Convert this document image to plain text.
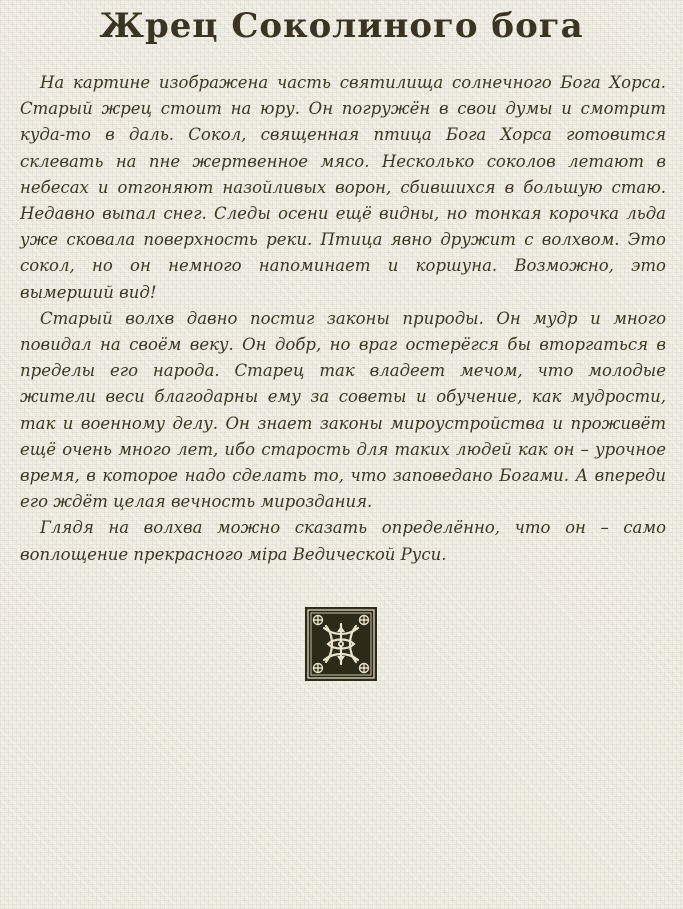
Жрец Соколиного бога

На картине изображена часть святилища солнечного Бога Хорса. Старый жрец стоит на юру. Он погружён в свои думы и смотрит куда-то в даль. Сокол, священная птица Бога Хорса готовится склевать на пне жертвенное мясо. Несколько соколов летают в небесах и отгоняют назойливых ворон, сбившихся в большую стаю. Недавно выпал снег. Следы осени ещё видны, но тонкая корочка льда уже сковала поверхность реки. Птица явно дружит с волхвом. Это сокол, но он немного напоминает и коршуна. Возможно, это вымерший вид!

Старый волхв давно постиг законы природы. Он мудр и много повидал на своём веку. Он добр, но враг остерёгся бы вторгаться в пределы его народа. Старец так владеет мечом, что молодые жители веси благодарны ему за советы и обучение, как мудрости, так и военному делу. Он знает законы мироустройства и проживёт ещё очень много лет, ибо старость для таких людей как он – урочное время, в которое надо сделать то, что заповедано Богами. А впереди его ждёт целая вечность мироздания.

Глядя на волхва можно сказать определённо, что он – само воплощение прекрасного міра Ведической Руси.
